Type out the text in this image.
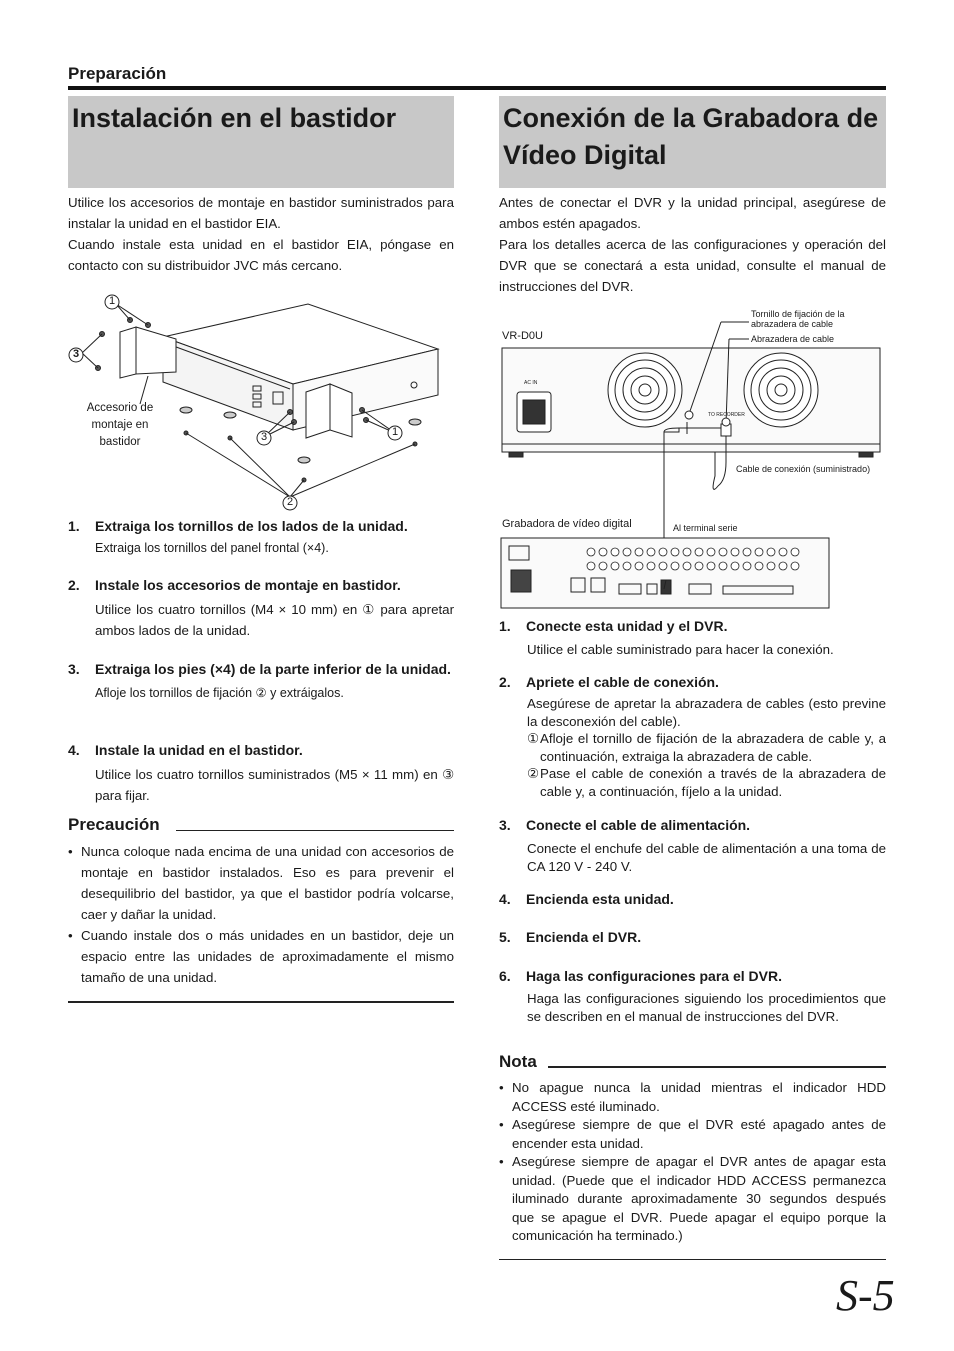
Preparación
Instalación en el bastidor
Utilice los accesorios de montaje en bastidor suministrados para instalar la unidad en el bastidor EIA.
Cuando instale esta unidad en el bastidor EIA, póngase en contacto con su distribuidor JVC más cercano.
1
3
3	1
2
Accesorio de montaje en bastidor
1. Extraiga los tornillos de los lados de la unidad.
Extraiga los tornillos del panel frontal (×4).
2. Instale los accesorios de montaje en bastidor.
Utilice los cuatro tornillos (M4 × 10 mm) en ① para apretar ambos lados de la unidad.
3.	Extraiga los pies (×4) de la parte inferior de la unidad.
Afloje los tornillos de fijación ② y extráigalos.
4. Instale la unidad en el bastidor.
Utilice los cuatro tornillos suministrados (M5 × 11 mm) en ③ para fijar.
Precaución
• Nunca coloque nada encima de una unidad con accesorios de montaje en bastidor instalados. Eso es para prevenir el desequilibrio del bastidor, ya que el bastidor podría volcarse, caer y dañar la unidad.
• Cuando instale dos o más unidades en un bastidor, deje un espacio entre las unidades de aproximadamente el mismo tamaño de una unidad.
Conexión de la Grabadora de Vídeo Digital
Antes de conectar el DVR y la unidad principal, asegúrese de ambos estén apagados.
Para los detalles acerca de las configuraciones y operación del DVR que se conectará a esta unidad, consulte el manual de instrucciones del DVR.
VR-D0U
Tornillo de fijación de la abrazadera de cable
Abrazadera de cable
AC IN
TO RECORDER
Cable de conexión (suministrado)
Grabadora de vídeo digital	Al terminal serie
1. Conecte esta unidad y el DVR.
Utilice el cable suministrado para hacer la conexión.
2. Apriete el cable de conexión.
Asegúrese de apretar la abrazadera de cables (esto previne la desconexión del cable).
① Afloje el tornillo de fijación de la abrazadera de cable y, a continuación, extraiga la abrazadera de cable.
② Pase el cable de conexión a través de la abrazadera de cable y, a continuación, fíjelo a la unidad.
3. Conecte el cable de alimentación.
Conecte el enchufe del cable de alimentación a una toma de CA 120 V - 240 V.
4. Encienda esta unidad.
5. Encienda el DVR.
6. Haga las configuraciones para el DVR.
Haga las configuraciones siguiendo los procedimientos que se describen en el manual de instrucciones del DVR.
Nota
• No apague nunca la unidad mientras el indicador HDD ACCESS esté iluminado.
• Asegúrese siempre de que el DVR esté apagado antes de encender esta unidad.
• Asegúrese siempre de apagar el DVR antes de apagar esta unidad. (Puede que el indicador HDD ACCESS permanezca iluminado durante aproximadamente 30 segundos después que se apague el DVR. Puede apagar el equipo porque la comunicación ha terminado.)
S-5
